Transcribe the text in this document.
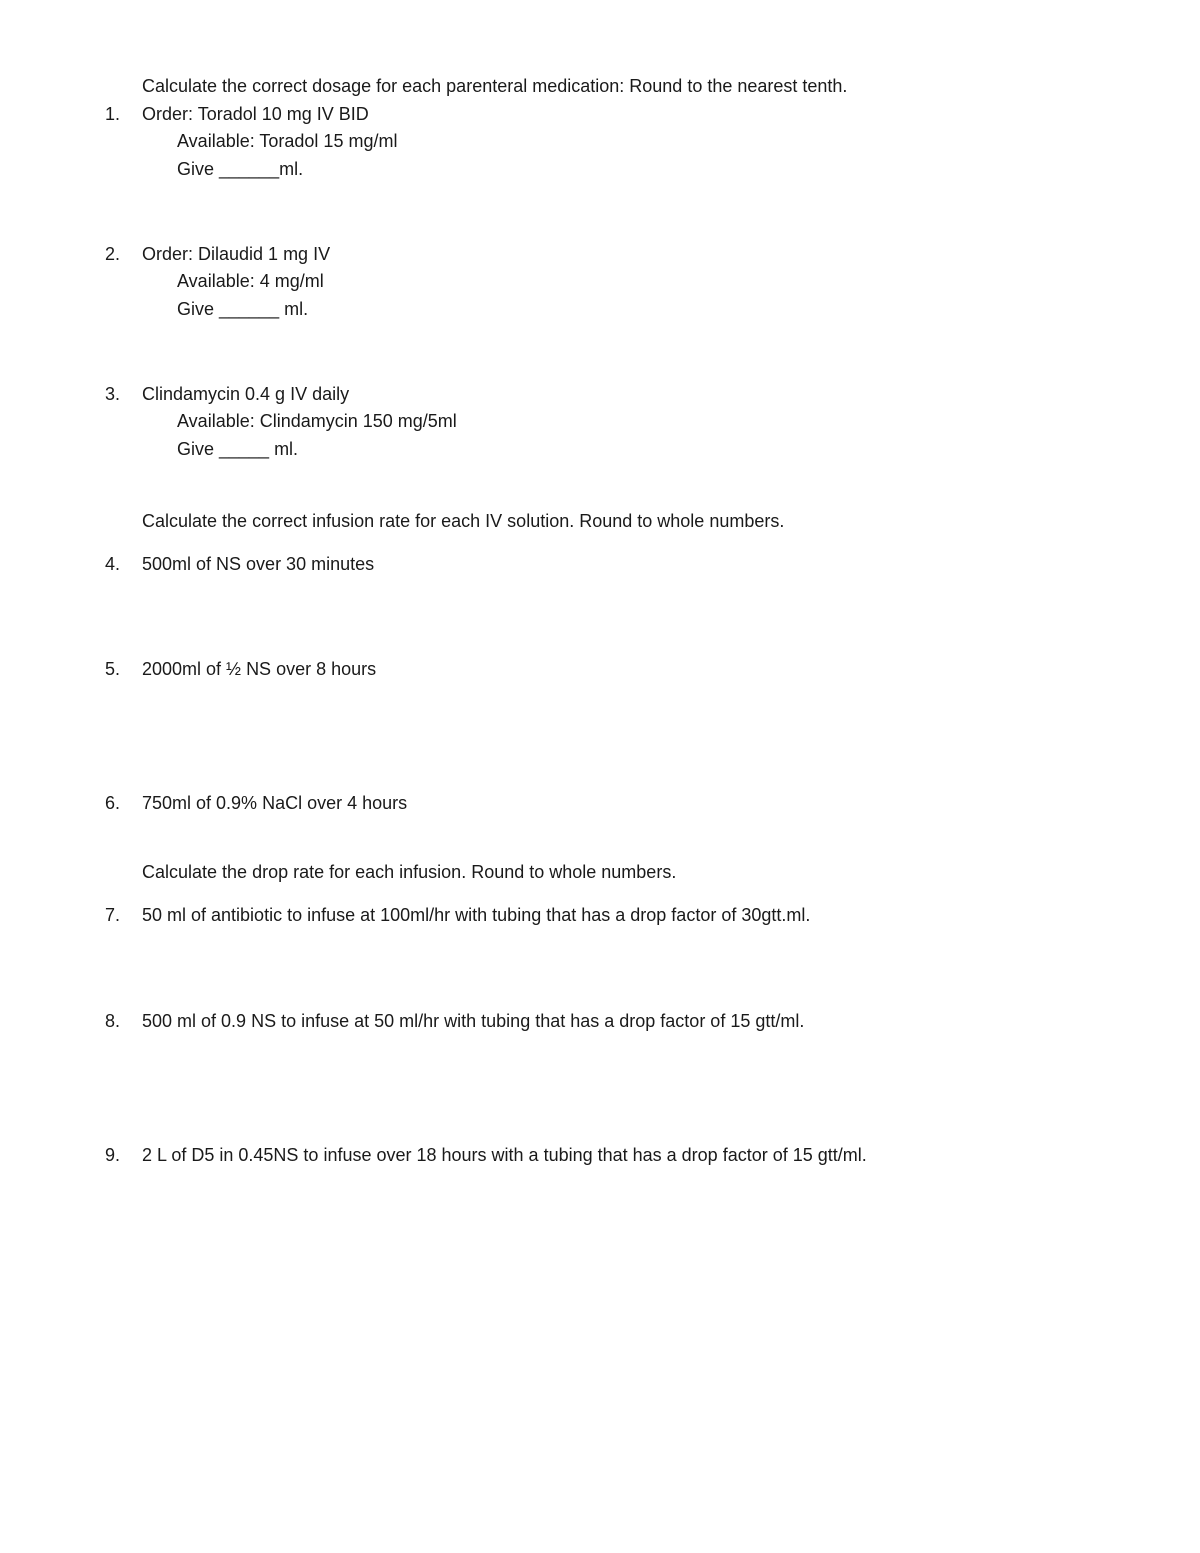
Calculate the correct dosage for each parenteral medication: Round to the nearest tenth.
1. Order: Toradol 10 mg IV BID
Available: Toradol 15 mg/ml
Give ______ml.
2. Order: Dilaudid 1 mg IV
Available: 4 mg/ml
Give ______ ml.
3. Clindamycin 0.4 g IV daily
Available: Clindamycin 150 mg/5ml
Give _____ ml.
Calculate the correct infusion rate for each IV solution. Round to whole numbers.
4. 500ml of NS over 30 minutes
5. 2000ml of ½ NS over 8 hours
6. 750ml of 0.9% NaCl over 4 hours
Calculate the drop rate for each infusion. Round to whole numbers.
7. 50 ml of antibiotic to infuse at 100ml/hr with tubing that has a drop factor of 30gtt.ml.
8. 500 ml of 0.9 NS to infuse at 50 ml/hr with tubing that has a drop factor of 15 gtt/ml.
9. 2 L of D5 in 0.45NS to infuse over 18 hours with a tubing that has a drop factor of 15 gtt/ml.
